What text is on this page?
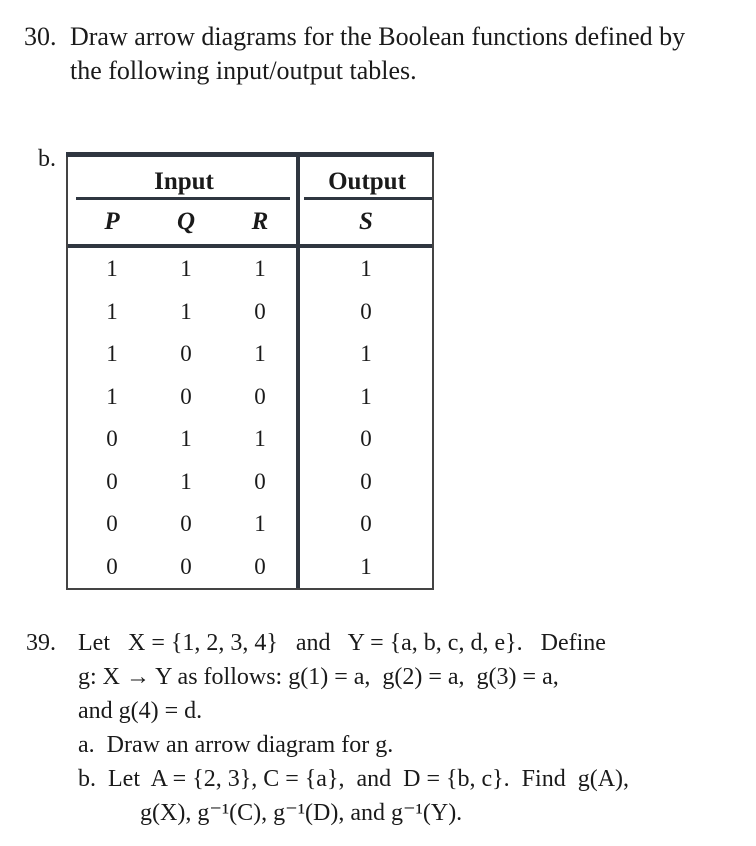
30. Draw arrow diagrams for the Boolean functions defined by
the following input/output tables.
b.
Input	Output
P	Q	R	S
1	1	1	1
1	1	0	0
1	0	1	1
1	0	0	1
0	1	1	0
0	1	0	0
0	0	1	0
0	0	0	1
39. Let   X = {1, 2, 3, 4}   and   Y = {a, b, c, d, e}.   Define
g: X → Y as follows: g(1) = a,  g(2) = a,  g(3) = a,
and g(4) = d.
a.  Draw an arrow diagram for g.
b.  Let  A = {2, 3}, C = {a},  and  D = {b, c}.  Find  g(A),
g(X), g⁻¹(C), g⁻¹(D), and g⁻¹(Y).
